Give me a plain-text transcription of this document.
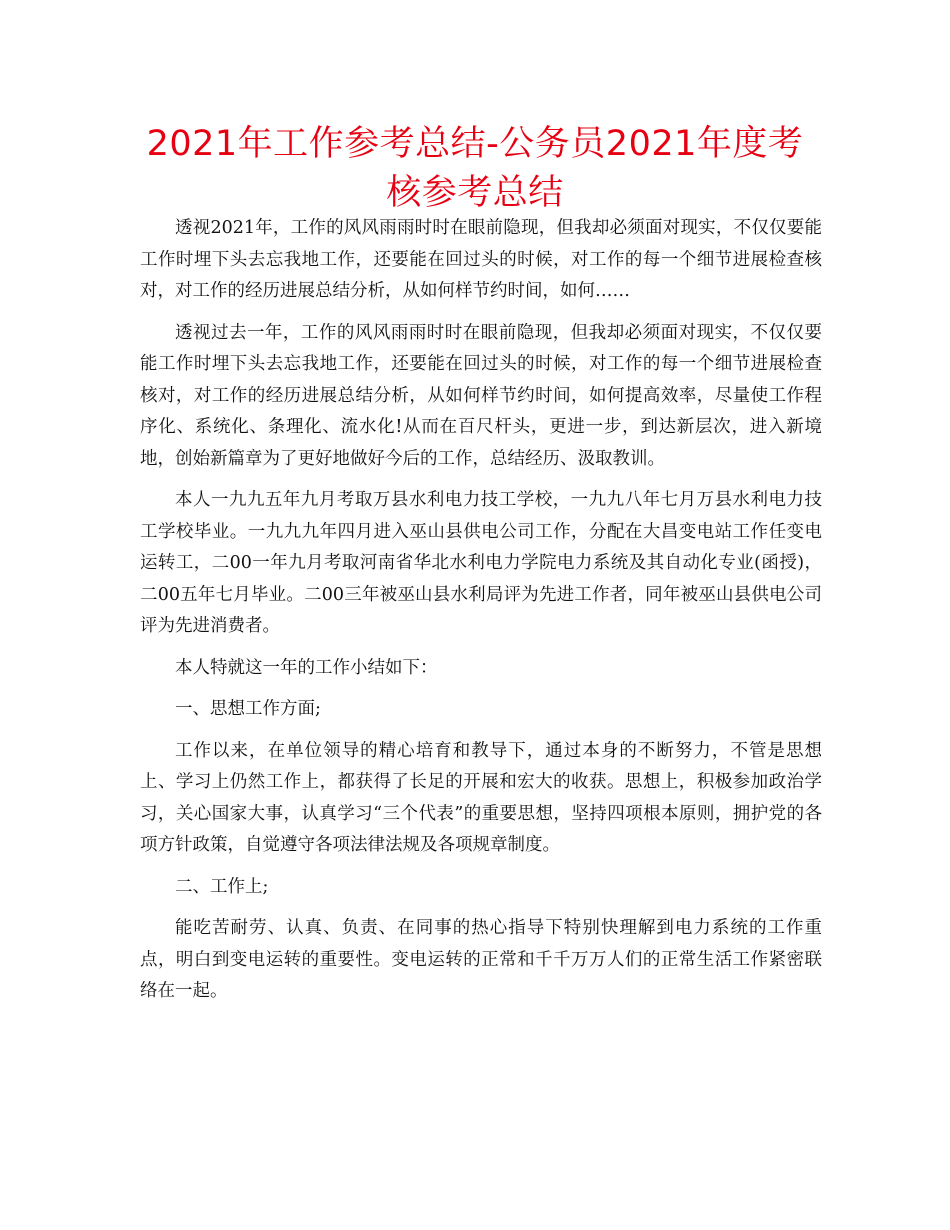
2021年工作参考总结-公务员2021年度考核参考总结

透视2021年，工作的风风雨雨时时在眼前隐现，但我却必须面对现实，不仅仅要能工作时埋下头去忘我地工作，还要能在回过头的时候，对工作的每一个细节进展检查核对，对工作的经历进展总结分析，从如何样节约时间，如何……

透视过去一年，工作的风风雨雨时时在眼前隐现，但我却必须面对现实，不仅仅要能工作时埋下头去忘我地工作，还要能在回过头的时候，对工作的每一个细节进展检查核对，对工作的经历进展总结分析，从如何样节约时间，如何提高效率，尽量使工作程序化、系统化、条理化、流水化!从而在百尺杆头，更进一步，到达新层次，进入新境地，创始新篇章为了更好地做好今后的工作，总结经历、汲取教训。

本人一九九五年九月考取万县水利电力技工学校，一九九八年七月万县水利电力技工学校毕业。一九九九年四月进入巫山县供电公司工作，分配在大昌变电站工作任变电运转工，二00一年九月考取河南省华北水利电力学院电力系统及其自动化专业(函授)，二00五年七月毕业。二00三年被巫山县水利局评为先进工作者，同年被巫山县供电公司评为先进消费者。

本人特就这一年的工作小结如下：

一、思想工作方面;

工作以来，在单位领导的精心培育和教导下，通过本身的不断努力，不管是思想上、学习上仍然工作上，都获得了长足的开展和宏大的收获。思想上，积极参加政治学习，关心国家大事，认真学习“三个代表”的重要思想，坚持四项根本原则，拥护党的各项方针政策，自觉遵守各项法律法规及各项规章制度。

二、工作上;

能吃苦耐劳、认真、负责、在同事的热心指导下特别快理解到电力系统的工作重点，明白到变电运转的重要性。变电运转的正常和千千万万人们的正常生活工作紧密联络在一起。
